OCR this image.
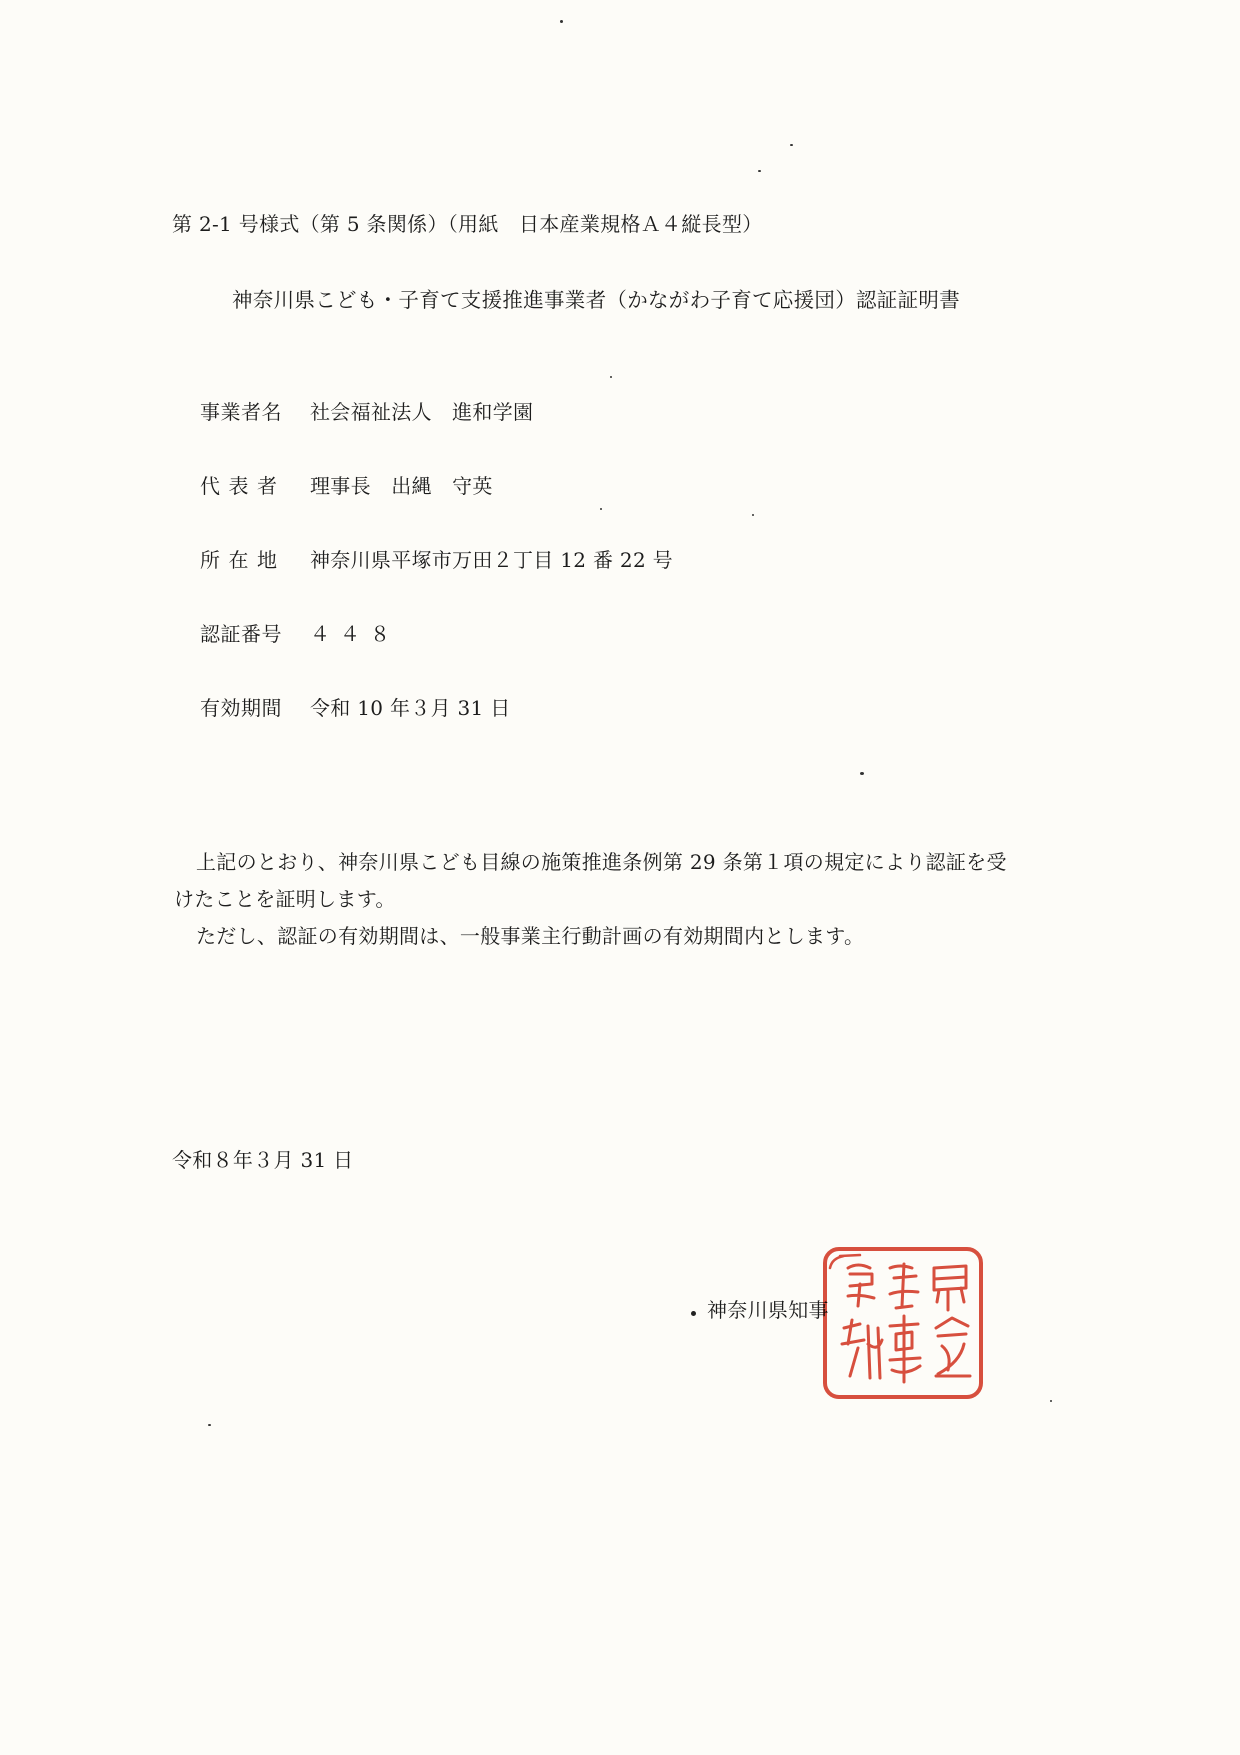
第 2-1 号様式（第 5 条関係）（用紙　日本産業規格Ａ４縦長型）
神奈川県こども・子育て支援推進事業者（かながわ子育て応援団）認証証明書
事業者名 社会福祉法人　進和学園
代表者 理事長　出縄　守英
所在地 神奈川県平塚市万田２丁目 12 番 22 号
認証番号 ４４８
有効期間 令和 10 年３月 31 日
上記のとおり、神奈川県こども目線の施策推進条例第 29 条第１項の規定により認証を受
けたことを証明します。
ただし、認証の有効期間は、一般事業主行動計画の有効期間内とします。
令和８年３月 31 日
神奈川県知事
